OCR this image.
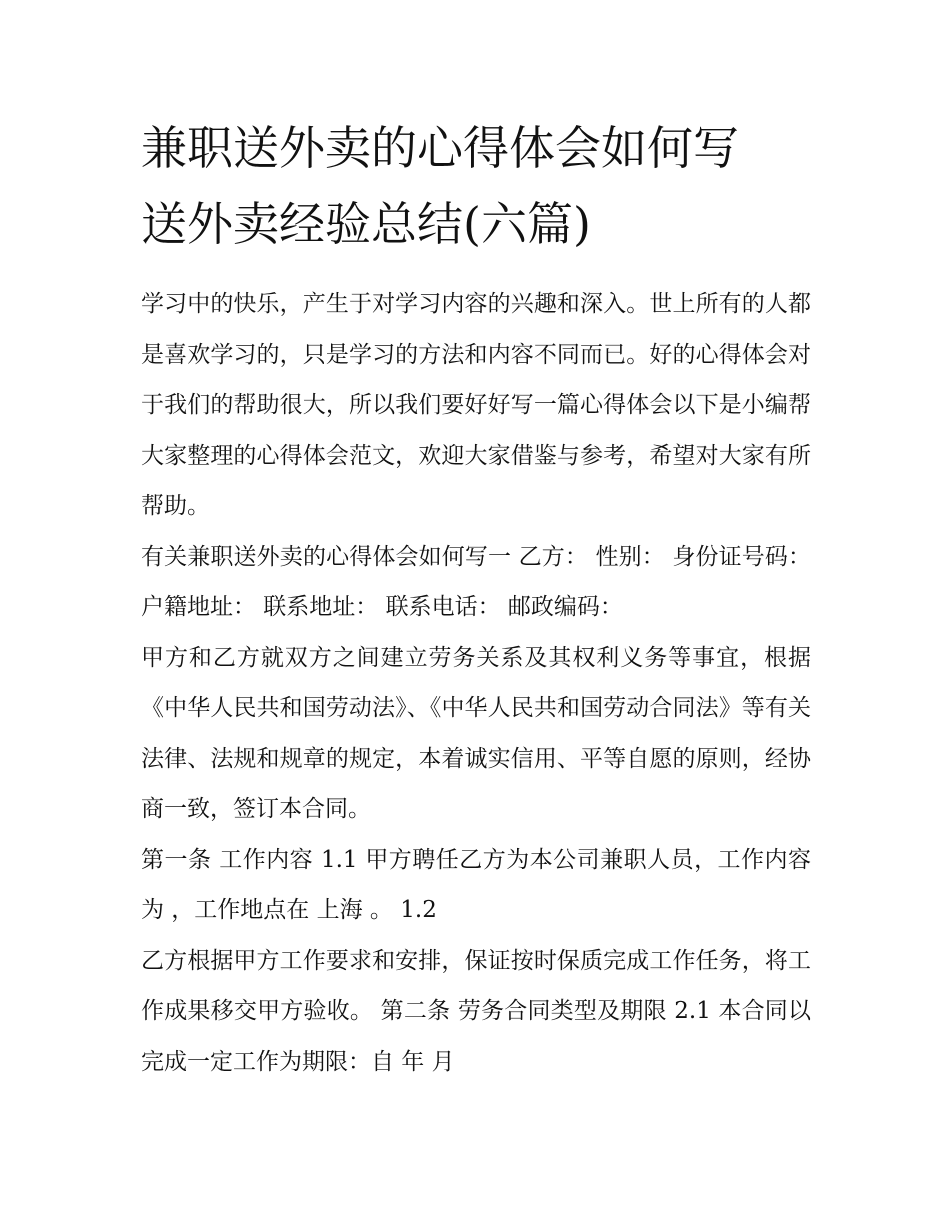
兼职送外卖的心得体会如何写
送外卖经验总结(六篇)

学习中的快乐，产生于对学习内容的兴趣和深入。世上所有的人都是喜欢学习的，只是学习的方法和内容不同而已。好的心得体会对于我们的帮助很大，所以我们要好好写一篇心得体会以下是小编帮大家整理的心得体会范文，欢迎大家借鉴与参考，希望对大家有所帮助。

有关兼职送外卖的心得体会如何写一 乙方： 性别： 身份证号码： 户籍地址： 联系地址： 联系电话： 邮政编码：

甲方和乙方就双方之间建立劳务关系及其权利义务等事宜，根据《中华人民共和国劳动法》、《中华人民共和国劳动合同法》等有关法律、法规和规章的规定，本着诚实信用、平等自愿的原则，经协商一致，签订本合同。

第一条 工作内容 1.1 甲方聘任乙方为本公司兼职人员，工作内容为 ，工作地点在 上海 。 1.2

乙方根据甲方工作要求和安排，保证按时保质完成工作任务，将工作成果移交甲方验收。 第二条 劳务合同类型及期限 2.1 本合同以完成一定工作为期限：自 年 月
